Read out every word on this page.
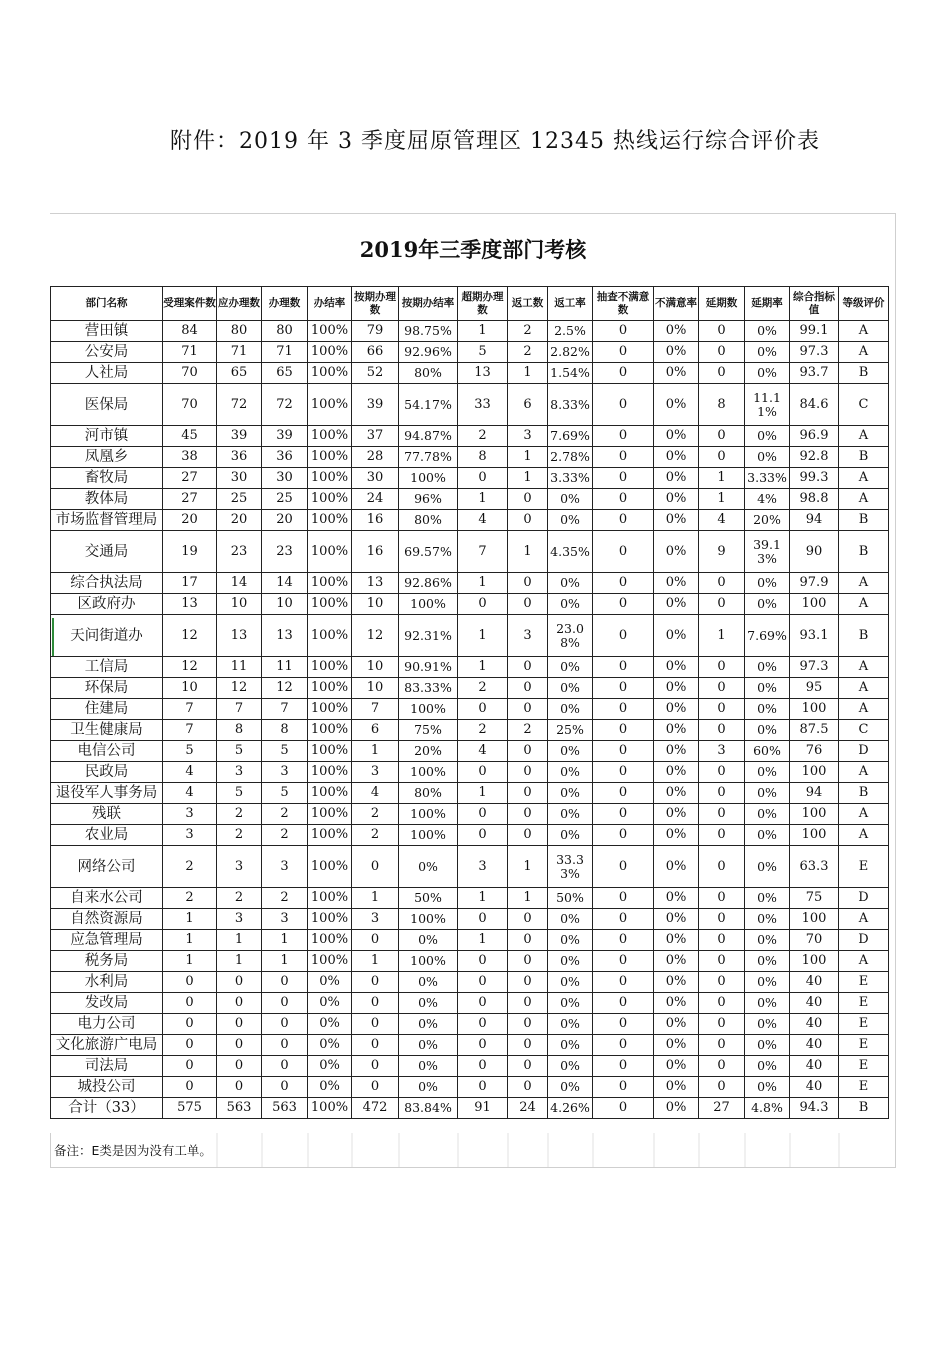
附件：2019 年 3 季度屈原管理区 12345 热线运行综合评价表
2019年三季度部门考核
部门名称	受理案件数	应办理数	办理数	办结率	按期办理数	按期办结率	超期办理数	返工数	返工率	抽查不满意数	不满意率	延期数	延期率	综合指标值	等级评价
营田镇	84	80	80	100%	79	98.75%	1	2	2.5%	0	0%	0	0%	99.1	A
公安局	71	71	71	100%	66	92.96%	5	2	2.82%	0	0%	0	0%	97.3	A
人社局	70	65	65	100%	52	80%	13	1	1.54%	0	0%	0	0%	93.7	B
医保局	70	72	72	100%	39	54.17%	33	6	8.33%	0	0%	8	11.11%	84.6	C
河市镇	45	39	39	100%	37	94.87%	2	3	7.69%	0	0%	0	0%	96.9	A
凤凰乡	38	36	36	100%	28	77.78%	8	1	2.78%	0	0%	0	0%	92.8	B
畜牧局	27	30	30	100%	30	100%	0	1	3.33%	0	0%	1	3.33%	99.3	A
教体局	27	25	25	100%	24	96%	1	0	0%	0	0%	1	4%	98.8	A
市场监督管理局	20	20	20	100%	16	80%	4	0	0%	0	0%	4	20%	94	B
交通局	19	23	23	100%	16	69.57%	7	1	4.35%	0	0%	9	39.13%	90	B
综合执法局	17	14	14	100%	13	92.86%	1	0	0%	0	0%	0	0%	97.9	A
区政府办	13	10	10	100%	10	100%	0	0	0%	0	0%	0	0%	100	A
天问街道办	12	13	13	100%	12	92.31%	1	3	23.08%	0	0%	1	7.69%	93.1	B
工信局	12	11	11	100%	10	90.91%	1	0	0%	0	0%	0	0%	97.3	A
环保局	10	12	12	100%	10	83.33%	2	0	0%	0	0%	0	0%	95	A
住建局	7	7	7	100%	7	100%	0	0	0%	0	0%	0	0%	100	A
卫生健康局	7	8	8	100%	6	75%	2	2	25%	0	0%	0	0%	87.5	C
电信公司	5	5	5	100%	1	20%	4	0	0%	0	0%	3	60%	76	D
民政局	4	3	3	100%	3	100%	0	0	0%	0	0%	0	0%	100	A
退役军人事务局	4	5	5	100%	4	80%	1	0	0%	0	0%	0	0%	94	B
残联	3	2	2	100%	2	100%	0	0	0%	0	0%	0	0%	100	A
农业局	3	2	2	100%	2	100%	0	0	0%	0	0%	0	0%	100	A
网络公司	2	3	3	100%	0	0%	3	1	33.33%	0	0%	0	0%	63.3	E
自来水公司	2	2	2	100%	1	50%	1	1	50%	0	0%	0	0%	75	D
自然资源局	1	3	3	100%	3	100%	0	0	0%	0	0%	0	0%	100	A
应急管理局	1	1	1	100%	0	0%	1	0	0%	0	0%	0	0%	70	D
税务局	1	1	1	100%	1	100%	0	0	0%	0	0%	0	0%	100	A
水利局	0	0	0	0%	0	0%	0	0	0%	0	0%	0	0%	40	E
发改局	0	0	0	0%	0	0%	0	0	0%	0	0%	0	0%	40	E
电力公司	0	0	0	0%	0	0%	0	0	0%	0	0%	0	0%	40	E
文化旅游广电局	0	0	0	0%	0	0%	0	0	0%	0	0%	0	0%	40	E
司法局	0	0	0	0%	0	0%	0	0	0%	0	0%	0	0%	40	E
城投公司	0	0	0	0%	0	0%	0	0	0%	0	0%	0	0%	40	E
合计（33）	575	563	563	100%	472	83.84%	91	24	4.26%	0	0%	27	4.8%	94.3	B
备注：E类是因为没有工单。
